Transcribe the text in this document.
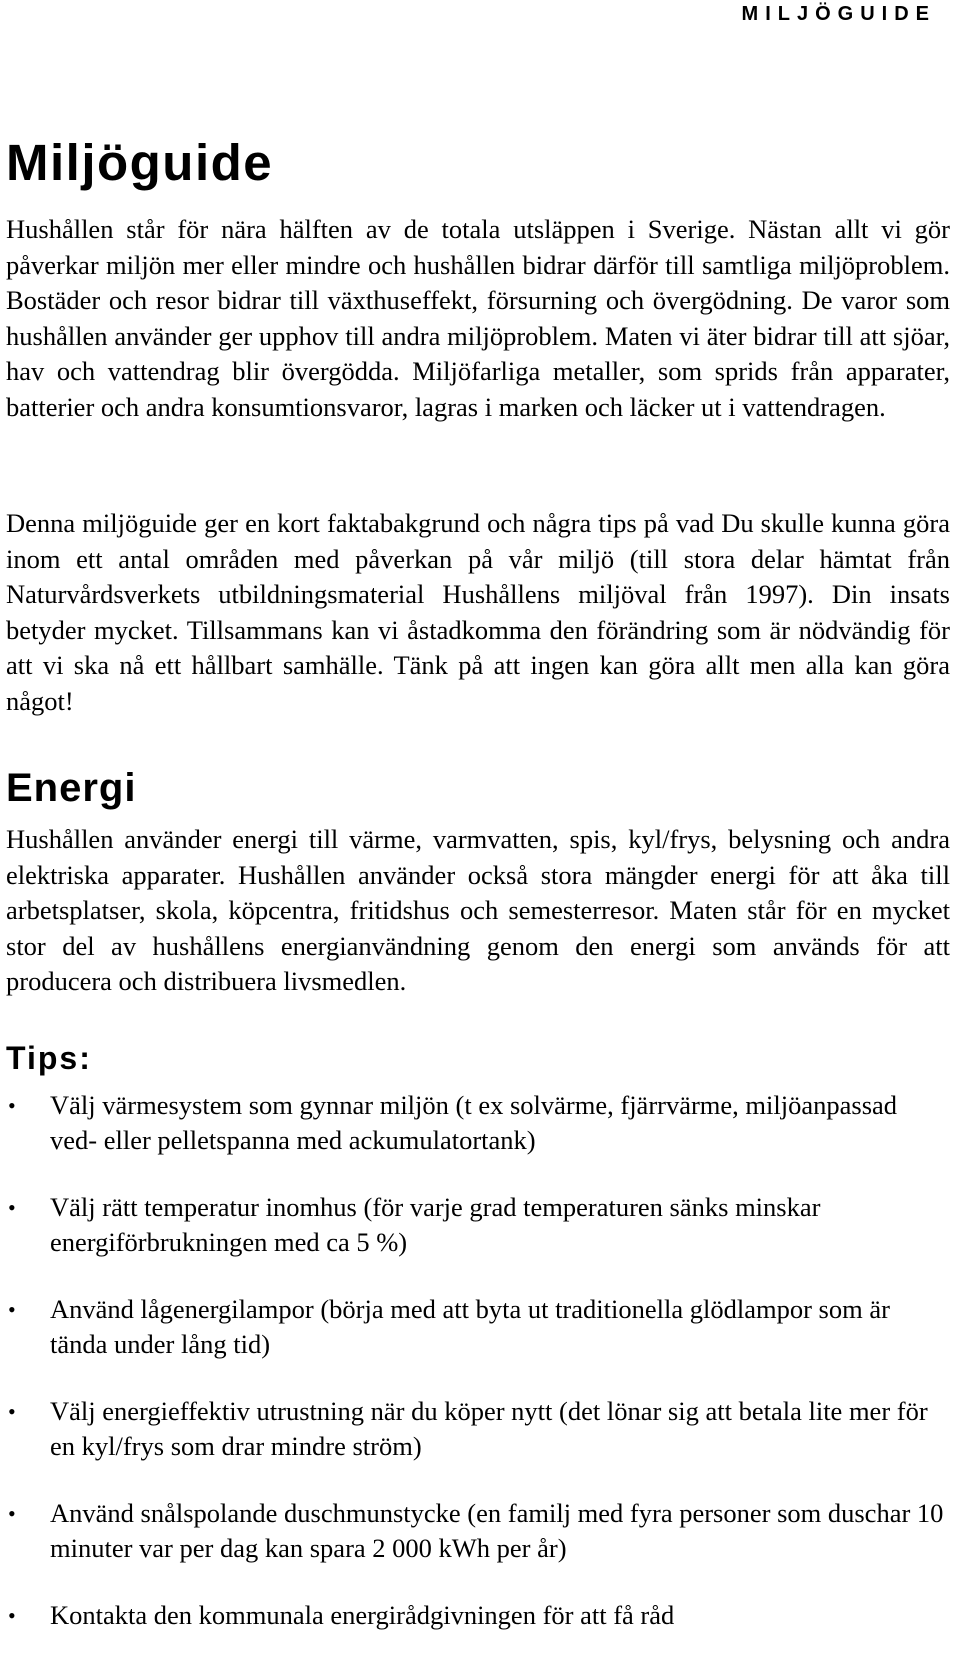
MILJÖGUIDE
Miljöguide

Hushållen står för nära hälften av de totala utsläppen i Sverige. Nästan allt vi gör påverkar miljön mer eller mindre och hushållen bidrar därför till samtliga miljöproblem. Bostäder och resor bidrar till växthuseffekt, försurning och övergödning. De varor som hushållen använder ger upphov till andra miljöproblem. Maten vi äter bidrar till att sjöar, hav och vattendrag blir övergödda. Miljöfarliga metaller, som sprids från apparater, batterier och andra konsumtionsvaror, lagras i marken och läcker ut i vattendragen.

Denna miljöguide ger en kort faktabakgrund och några tips på vad Du skulle kunna göra inom ett antal områden med påverkan på vår miljö (till stora delar hämtat från Naturvårdsverkets utbildningsmaterial Hushållens miljöval från 1997). Din insats betyder mycket. Tillsammans kan vi åstadkomma den förändring som är nödvändig för att vi ska nå ett hållbart samhälle. Tänk på att ingen kan göra allt men alla kan göra något!

Energi

Hushållen använder energi till värme, varmvatten, spis, kyl/frys, belysning och andra elektriska apparater. Hushållen använder också stora mängder energi för att åka till arbetsplatser, skola, köpcentra, fritidshus och semesterresor. Maten står för en mycket stor del av hushållens energianvändning genom den energi som används för att producera och distribuera livsmedlen.

Tips:
• Välj värmesystem som gynnar miljön (t ex solvärme, fjärrvärme, miljöanpassad ved- eller pelletspanna med ackumulatortank)
• Välj rätt temperatur inomhus (för varje grad temperaturen sänks minskar energiförbrukningen med ca 5 %)
• Använd lågenergilampor (börja med att byta ut traditionella glödlampor som är tända under lång tid)
• Välj energieffektiv utrustning när du köper nytt (det lönar sig att betala lite mer för en kyl/frys som drar mindre ström)
• Använd snålspolande duschmunstycke (en familj med fyra personer som duschar 10 minuter var per dag kan spara 2 000 kWh per år)
• Kontakta den kommunala energirådgivningen för att få råd
